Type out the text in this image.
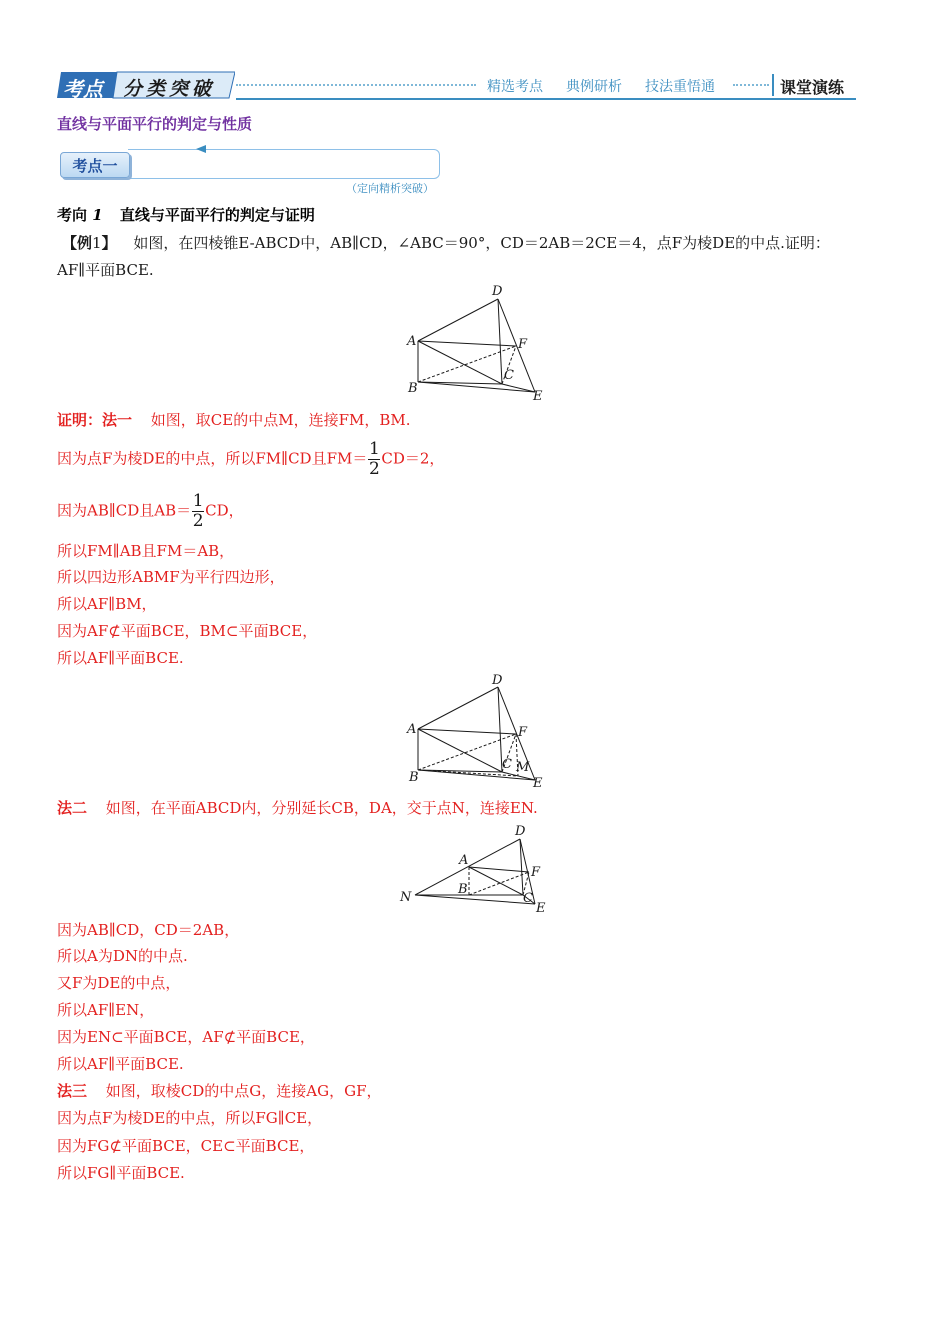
考点 分类突破	精选考点 典例研析 技法重悟通	课堂演练
直线与平面平行的判定与性质
考点一
（定向精析突破）
考向 1 直线与平面平行的判定与证明
【例1】 如图，在四棱锥E-ABCD中，AB∥CD，∠ABC＝90°，CD＝2AB＝2CE＝4，点F为棱DE的中点.证明：
AF∥平面BCE.
D
A	F
C
B
E
证明：法一 如图，取CE的中点M，连接FM，BM.
因为点F为棱DE的中点，所以FM∥CD且$FM= \frac{1}{2} CD=2$，
因为AB∥CD且$AB= \frac{1}{2}$ CD，
所以FM∥AB且FM＝AB，
所以四边形ABMF为平行四边形，
所以AF∥BM，
因为AF⊄平面BCE，BM⊂平面BCE，
所以AF∥平面BCE.
D
A	F
C M
B	E
法二 如图，在平面ABCD内，分别延长CB，DA，交于点N，连接EN.
D
A
F
B
C
N
E
因为AB∥CD，CD＝2AB，
所以A为DN的中点.
又F为DE的中点，
所以AF∥EN，
因为EN⊂平面BCE，AF⊄平面BCE，
所以AF∥平面BCE.
法三 如图，取棱CD的中点G，连接AG，GF，
因为点F为棱DE的中点，所以FG∥CE，
因为FG⊄平面BCE，CE⊂平面BCE，
所以FG∥平面BCE.
